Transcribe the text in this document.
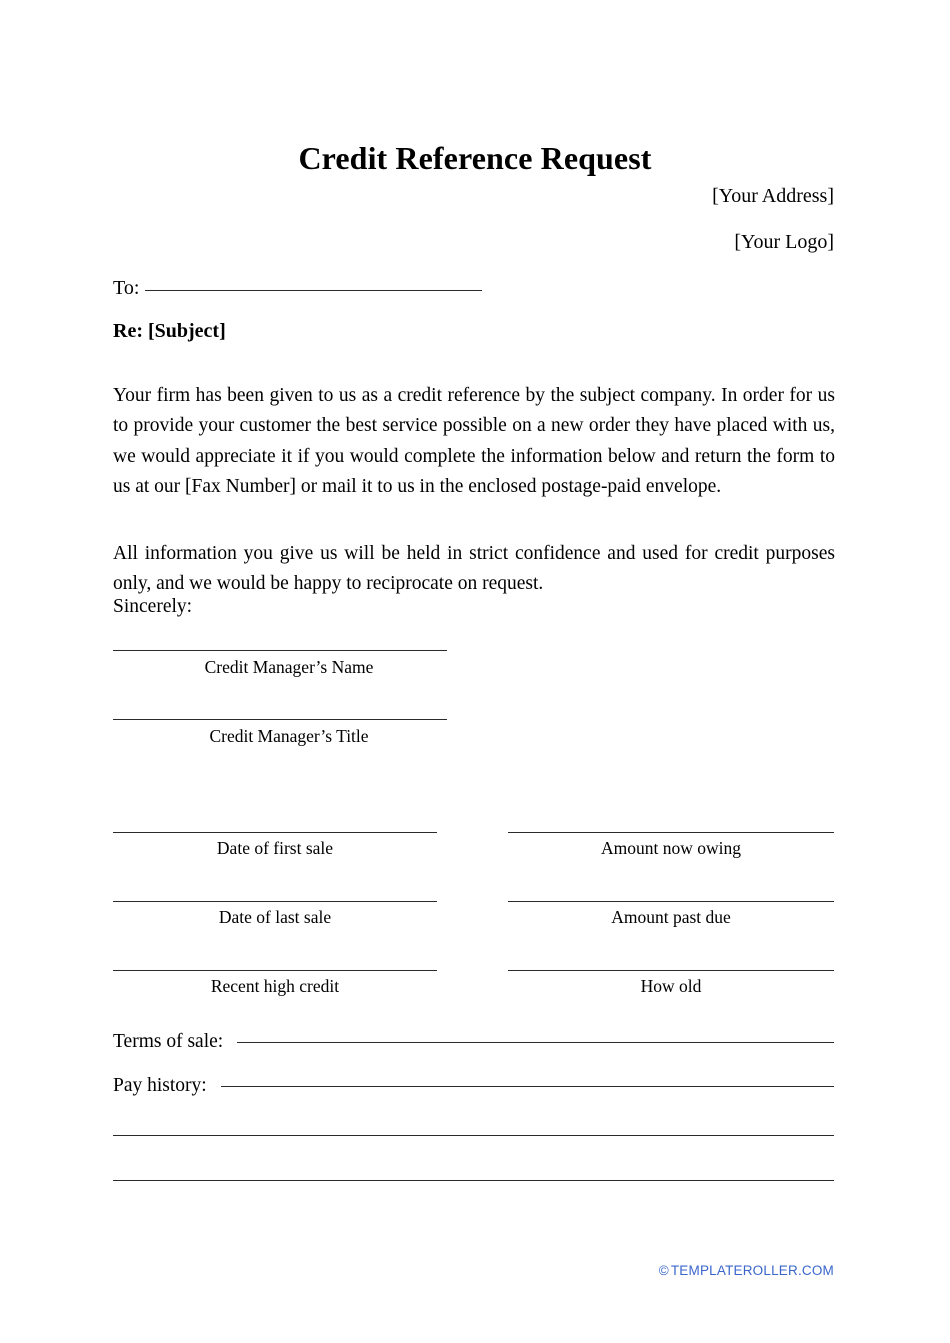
Credit Reference Request
[Your Address]
[Your Logo]
To:
Re: [Subject]

Your firm has been given to us as a credit reference by the subject company. In order for us to provide your customer the best service possible on a new order they have placed with us, we would appreciate it if you would complete the information below and return the form to us at our [Fax Number] or mail it to us in the enclosed postage-paid envelope.

All information you give us will be held in strict confidence and used for credit purposes only, and we would be happy to reciprocate on request.

Sincerely:
Credit Manager’s Name
Credit Manager’s Title
Date of first sale
Date of last sale
Recent high credit
Amount now owing
Amount past due
How old
Terms of sale:
Pay history:
© TEMPLATEROLLER.COM
